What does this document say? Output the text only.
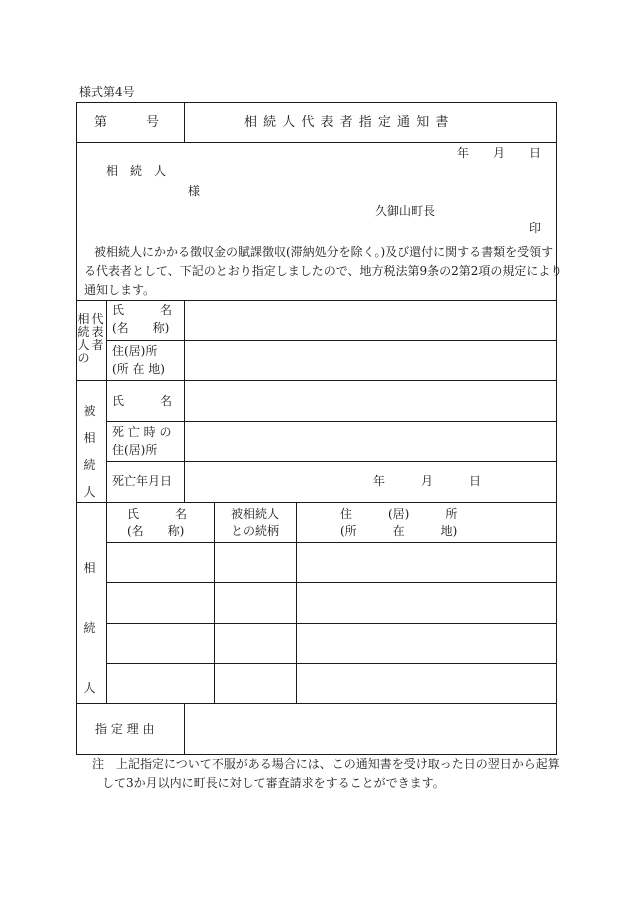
様式第4号
第　　　号	相 続 人 代 表 者 指 定 通 知 書
年　　月　　日
相　続　人
様
久御山町長
印
被相続人にかかる徴収金の賦課徴収(滞納処分を除く。)及び還付に関する書類を受領す
る代表者として、下記のとおり指定しましたので、地方税法第9条の2第2項の規定により
通知します。
相続人の
代表者
氏　　　名
(名　　称)
住(居)所
(所 在 地)
被相続人
氏　　　名
死 亡 時 の
住(居)所
死亡年月日	年　　　月　　　日
相続人
氏　　　名
(名　　称)
被相続人
との続柄
住　　　(居)　　　所
(所　　　在　　　地)
指 定 理 由
注　上記指定について不服がある場合には、この通知書を受け取った日の翌日から起算
して3か月以内に町長に対して審査請求をすることができます。
